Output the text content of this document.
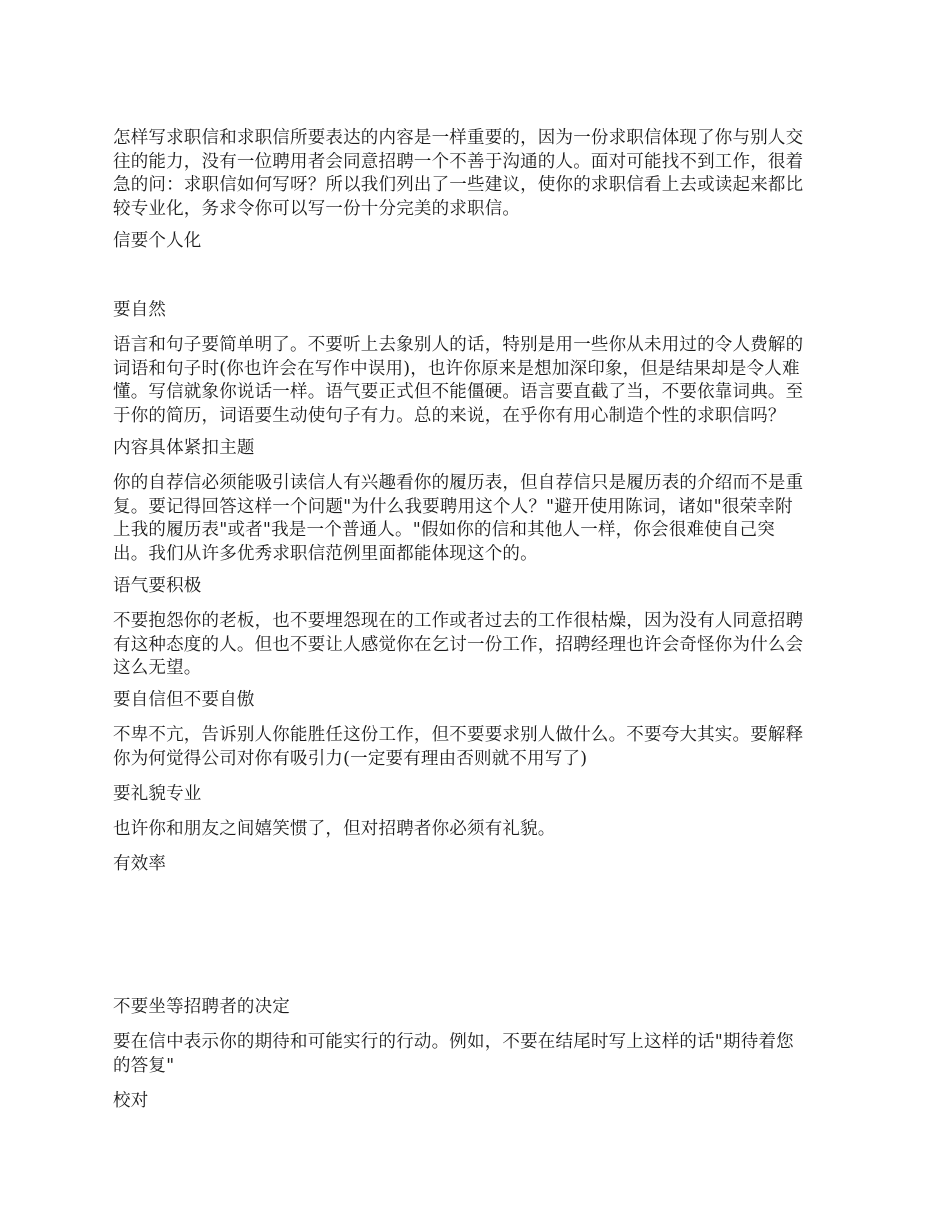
怎样写求职信和求职信所要表达的内容是一样重要的，因为一份求职信体现了你与别人交
往的能力，没有一位聘用者会同意招聘一个不善于沟通的人。面对可能找不到工作，很着
急的问：求职信如何写呀？所以我们列出了一些建议，使你的求职信看上去或读起来都比
较专业化，务求令你可以写一份十分完美的求职信。

信要个人化

要自然

语言和句子要简单明了。不要听上去象别人的话，特别是用一些你从未用过的令人费解的
词语和句子时(你也许会在写作中误用)，也许你原来是想加深印象，但是结果却是令人难
懂。写信就象你说话一样。语气要正式但不能僵硬。语言要直截了当，不要依靠词典。至
于你的简历，词语要生动使句子有力。总的来说，在乎你有用心制造个性的求职信吗？

内容具体紧扣主题

你的自荐信必须能吸引读信人有兴趣看你的履历表，但自荐信只是履历表的介绍而不是重
复。要记得回答这样一个问题"为什么我要聘用这个人？"避开使用陈词，诸如"很荣幸附
上我的履历表"或者"我是一个普通人。"假如你的信和其他人一样，你会很难使自己突
出。我们从许多优秀求职信范例里面都能体现这个的。

语气要积极

不要抱怨你的老板，也不要埋怨现在的工作或者过去的工作很枯燥，因为没有人同意招聘
有这种态度的人。但也不要让人感觉你在乞讨一份工作，招聘经理也许会奇怪你为什么会
这么无望。

要自信但不要自傲

不卑不亢，告诉别人你能胜任这份工作，但不要要求别人做什么。不要夸大其实。要解释
你为何觉得公司对你有吸引力(一定要有理由否则就不用写了)

要礼貌专业

也许你和朋友之间嬉笑惯了，但对招聘者你必须有礼貌。

有效率

不要坐等招聘者的决定

要在信中表示你的期待和可能实行的行动。例如，不要在结尾时写上这样的话"期待着您
的答复"

校对
